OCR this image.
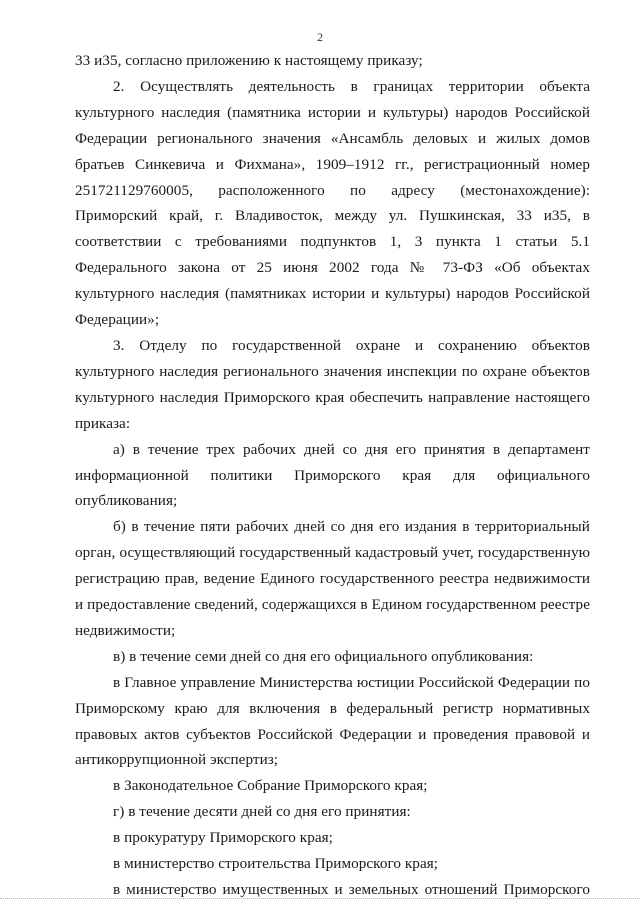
2

33 и35, согласно приложению к настоящему приказу;

2. Осуществлять деятельность в границах территории объекта культурного наследия (памятника истории и культуры) народов Российской Федерации регионального значения «Ансамбль деловых и жилых домов братьев Синкевича и Фихмана», 1909–1912 гг., регистрационный номер 251721129760005, расположенного по адресу (местонахождение): Приморский край, г. Владивосток, между ул. Пушкинская, 33 и35, в соответствии с требованиями подпунктов 1, 3 пункта 1 статьи 5.1 Федерального закона от 25 июня 2002 года № 73-ФЗ «Об объектах культурного наследия (памятниках истории и культуры) народов Российской Федерации»;

3. Отделу по государственной охране и сохранению объектов культурного наследия регионального значения инспекции по охране объектов культурного наследия Приморского края обеспечить направление настоящего приказа:

а) в течение трех рабочих дней со дня его принятия в департамент информационной политики Приморского края для официального опубликования;

б) в течение пяти рабочих дней со дня его издания в территориальный орган, осуществляющий государственный кадастровый учет, государственную регистрацию прав, ведение Единого государственного реестра недвижимости и предоставление сведений, содержащихся в Едином государственном реестре недвижимости;

в) в течение семи дней со дня его официального опубликования:

в Главное управление Министерства юстиции Российской Федерации по Приморскому краю для включения в федеральный регистр нормативных правовых актов субъектов Российской Федерации и проведения правовой и антикоррупционной экспертиз;

в Законодательное Собрание Приморского края;

г) в течение десяти дней со дня его принятия:

в прокуратуру Приморского края;

в министерство строительства Приморского края;

в министерство имущественных и земельных отношений Приморского
